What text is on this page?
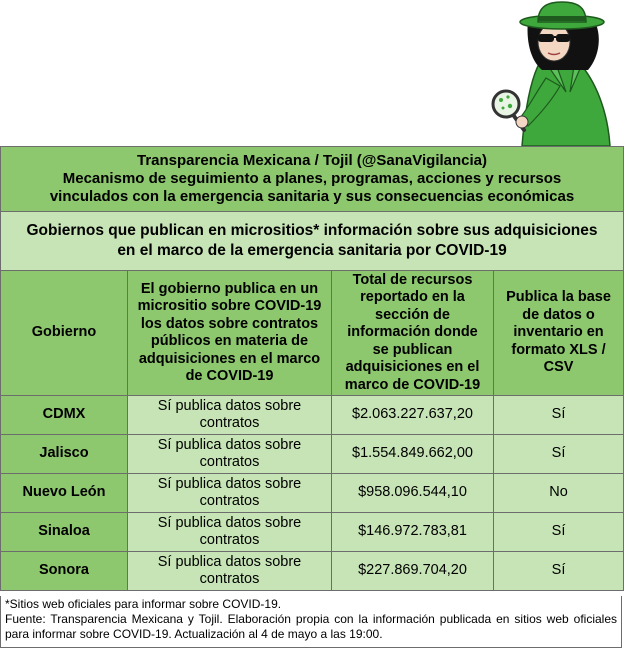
Transparencia Mexicana / Tojil (@SanaVigilancia)
Mecanismo de seguimiento a planes, programas, acciones y recursos
vinculados con la emergencia sanitaria y sus consecuencias económicas			

Gobiernos que publican en micrositios* información sobre sus adquisiciones
en el marco de la emergencia sanitaria por COVID-19			

Gobierno	El gobierno publica en un micrositio sobre COVID-19 los datos sobre contratos públicos en materia de adquisiciones en el marco de COVID-19	Total de recursos reportado en la sección de información donde se publican adquisiciones en el marco de COVID-19	Publica la base de datos o inventario en formato XLS / CSV
CDMX	Sí publica datos sobre contratos	$2.063.227.637,20	Sí
Jalisco	Sí publica datos sobre contratos	$1.554.849.662,00	Sí
Nuevo León	Sí publica datos sobre contratos	$958.096.544,10	No
Sinaloa	Sí publica datos sobre contratos	$146.972.783,81	Sí
Sonora	Sí publica datos sobre contratos	$227.869.704,20	Sí
*Sitios web oficiales para informar sobre COVID-19.
Fuente: Transparencia Mexicana y Tojil. Elaboración propia con la información publicada en sitios web oficiales para informar sobre COVID-19. Actualización al 4 de mayo a las 19:00.
